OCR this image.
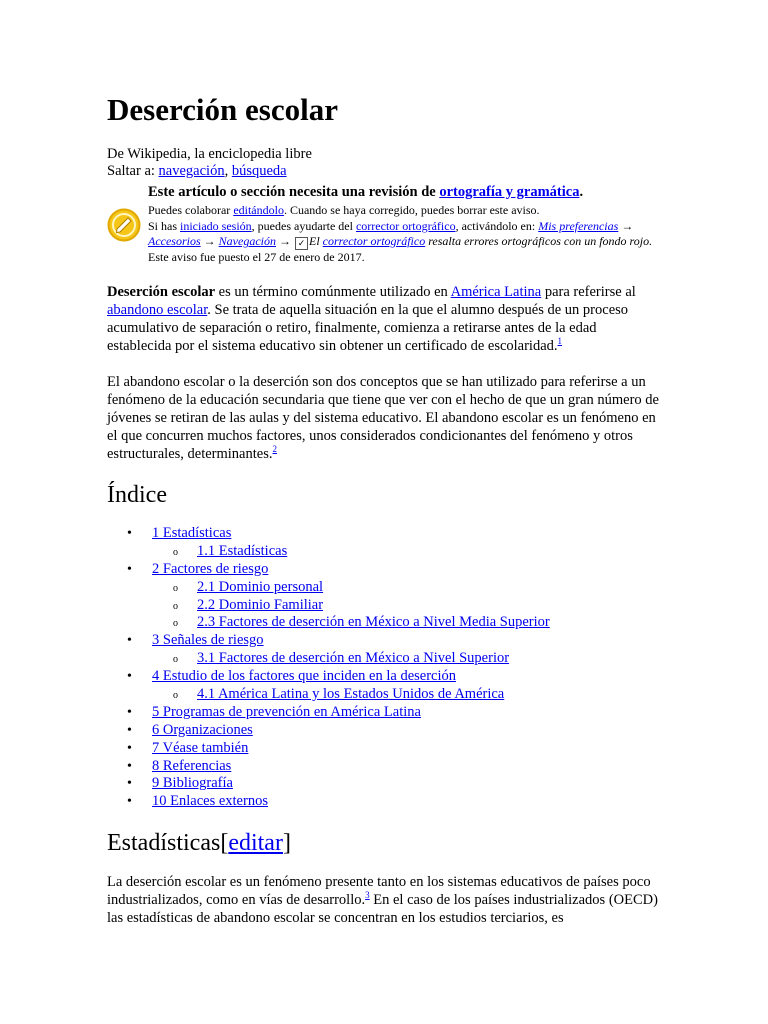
Deserción escolar
De Wikipedia, la enciclopedia libre
Saltar a: navegación, búsqueda
Este artículo o sección necesita una revisión de ortografía y gramática.
Puedes colaborar editándolo. Cuando se haya corregido, puedes borrar este aviso.
Si has iniciado sesión, puedes ayudarte del corrector ortográfico, activándolo en: Mis preferencias →
Accesorios → Navegación → ✓ El corrector ortográfico resalta errores ortográficos con un fondo rojo. Este aviso fue puesto el 27 de enero de 2017.

Deserción escolar es un término comúnmente utilizado en América Latina para referirse al abandono escolar. Se trata de aquella situación en la que el alumno después de un proceso acumulativo de separación o retiro, finalmente, comienza a retirarse antes de la edad establecida por el sistema educativo sin obtener un certificado de escolaridad.$^1$

El abandono escolar o la deserción son dos conceptos que se han utilizado para referirse a un fenómeno de la educación secundaria que tiene que ver con el hecho de que un gran número de jóvenes se retiran de las aulas y del sistema educativo. El abandono escolar es un fenómeno en el que concurren muchos factores, unos considerados condicionantes del fenómeno y otros estructurales, determinantes.$^2$

Índice
• 1 Estadísticas
o 1.1 Estadísticas
• 2 Factores de riesgo
o 2.1 Dominio personal
o 2.2 Dominio Familiar
o 2.3 Factores de deserción en México a Nivel Media Superior
• 3 Señales de riesgo
o 3.1 Factores de deserción en México a Nivel Superior
• 4 Estudio de los factores que inciden en la deserción
o 4.1 América Latina y los Estados Unidos de América
• 5 Programas de prevención en América Latina
• 6 Organizaciones
• 7 Véase también
• 8 Referencias
• 9 Bibliografía
• 10 Enlaces externos
Estadísticas[editar]

La deserción escolar es un fenómeno presente tanto en los sistemas educativos de países poco industrializados, como en vías de desarrollo.$^3$ En el caso de los países industrializados (OECD) las estadísticas de abandono escolar se concentran en los estudios terciarios, es
